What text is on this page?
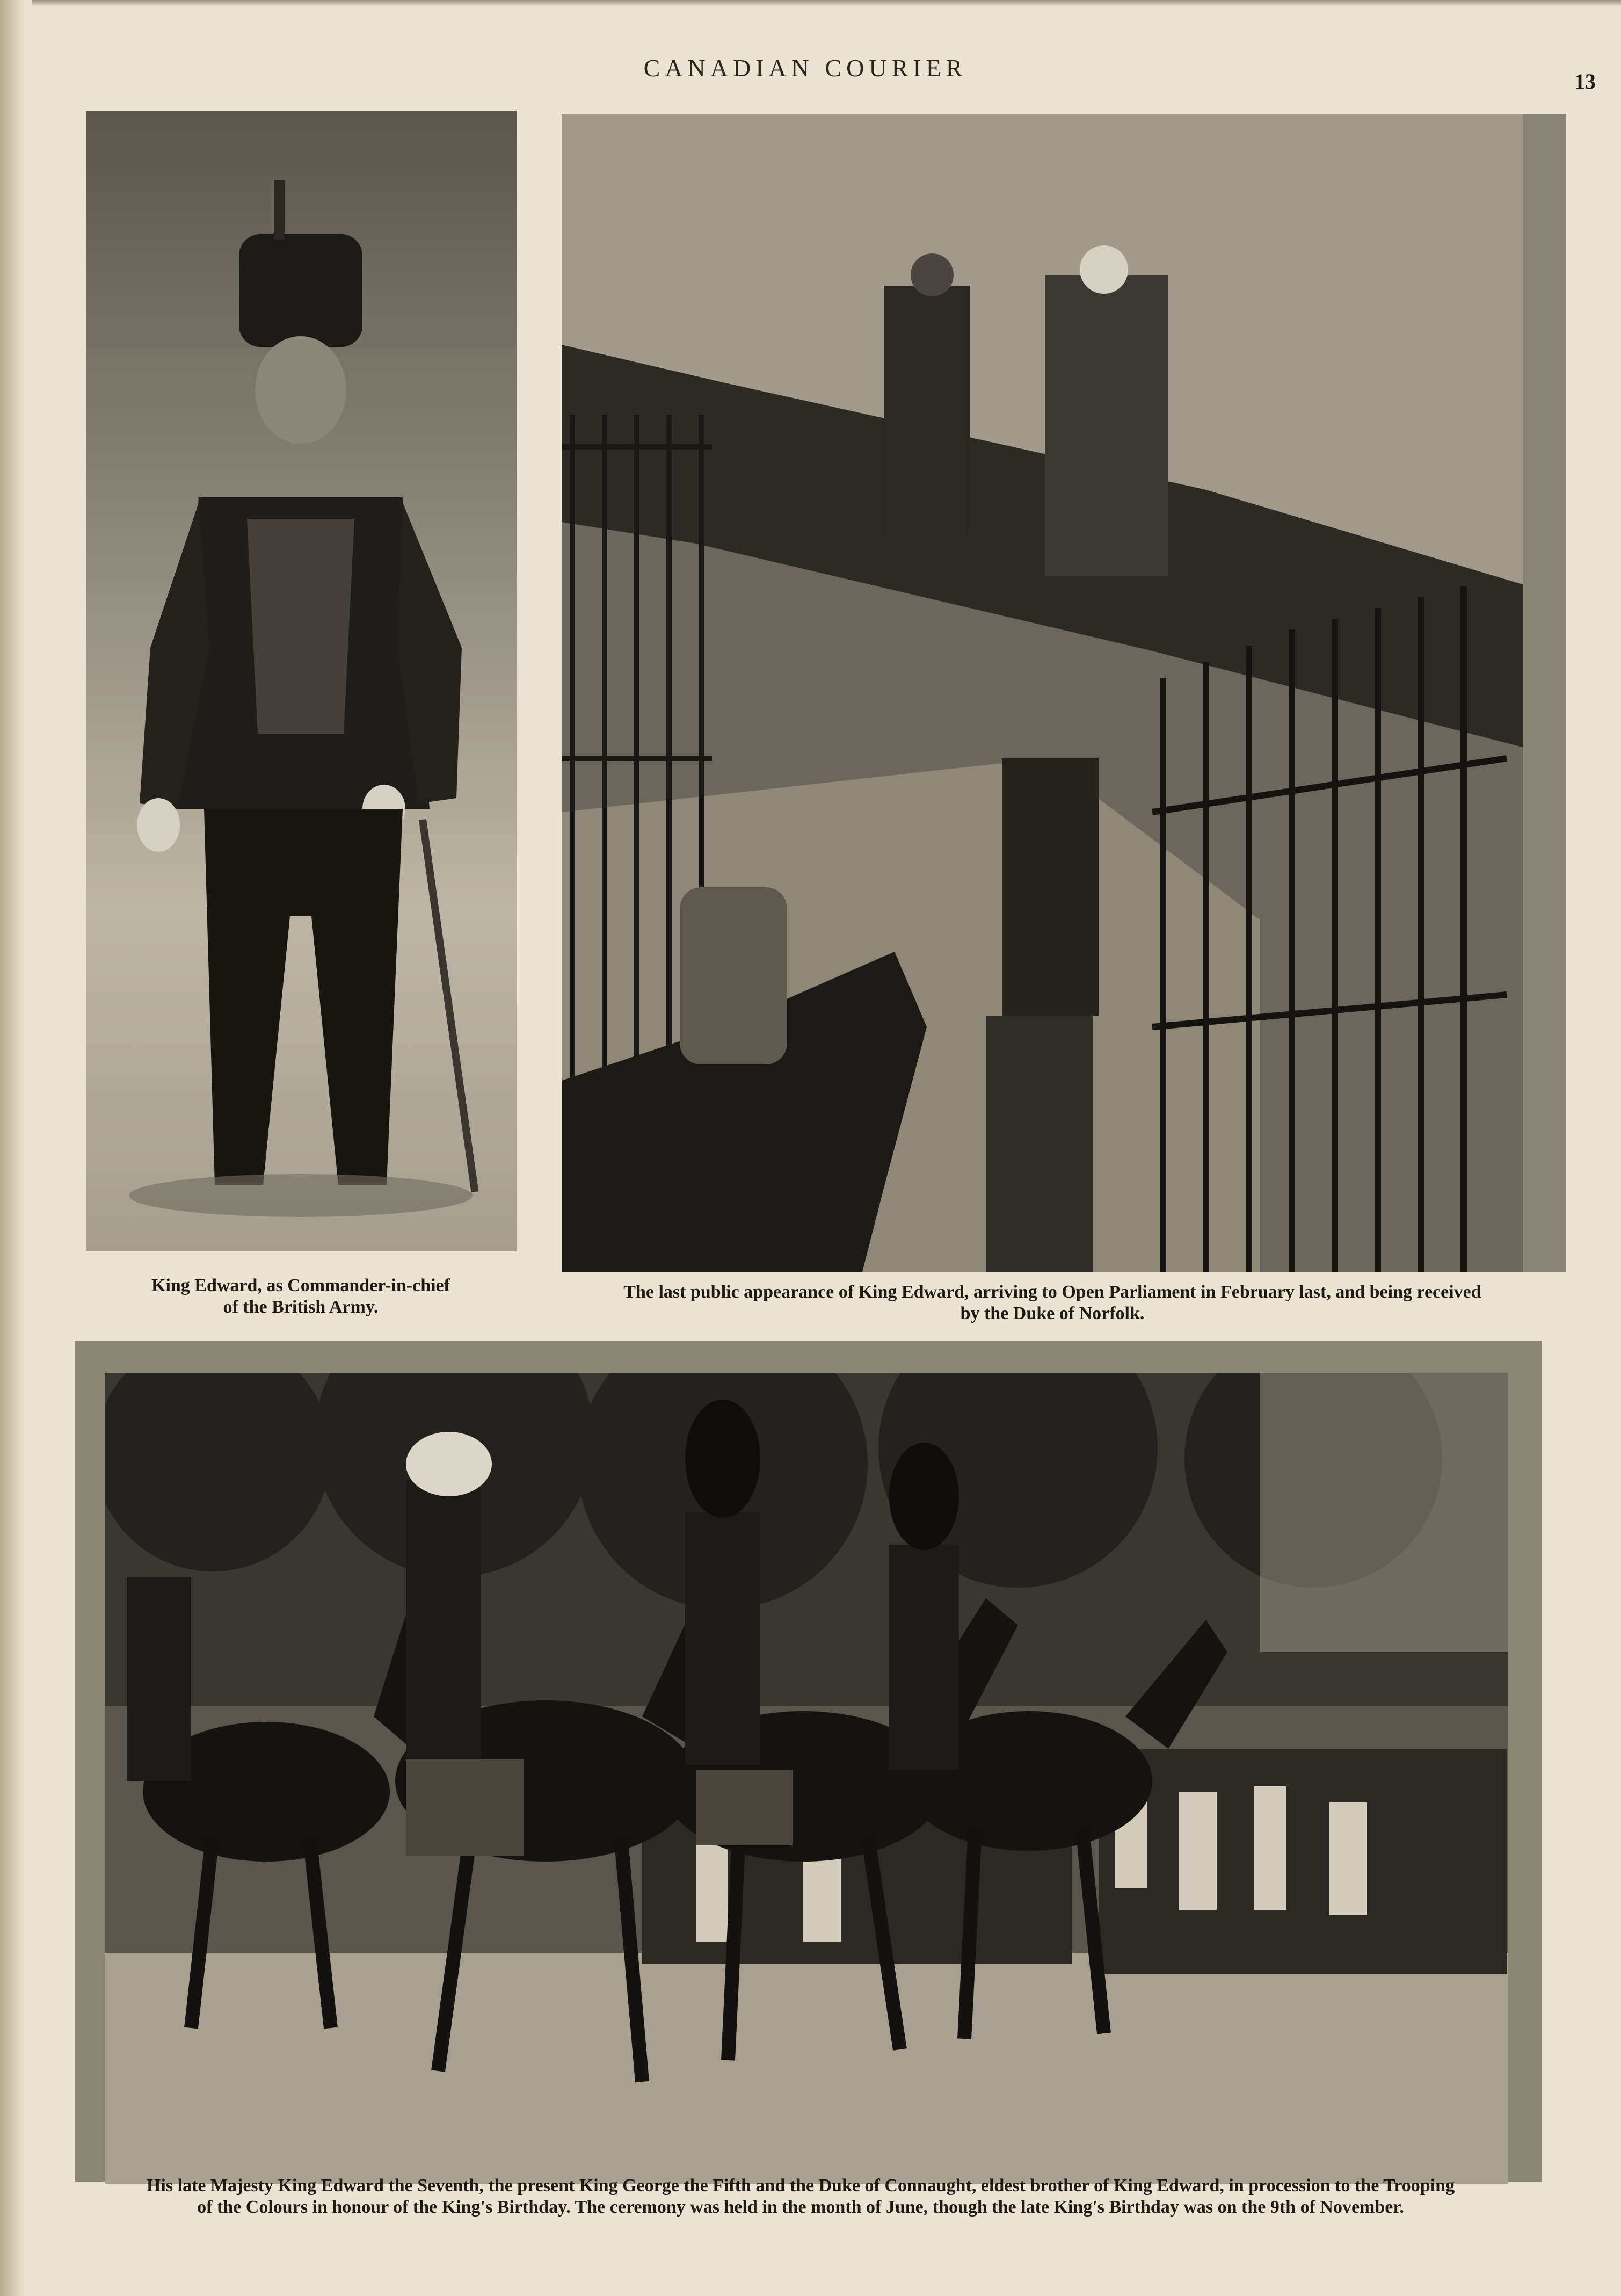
CANADIAN COURIER	13
King Edward, as Commander-in-chief
of the British Army.
The last public appearance of King Edward, arriving to Open Parliament in February last, and being received
by the Duke of Norfolk.
His late Majesty King Edward the Seventh, the present King George the Fifth and the Duke of Connaught, eldest brother of King Edward, in procession to the Trooping
of the Colours in honour of the King's Birthday. The ceremony was held in the month of June, though the late King's Birthday was on the 9th of November.
